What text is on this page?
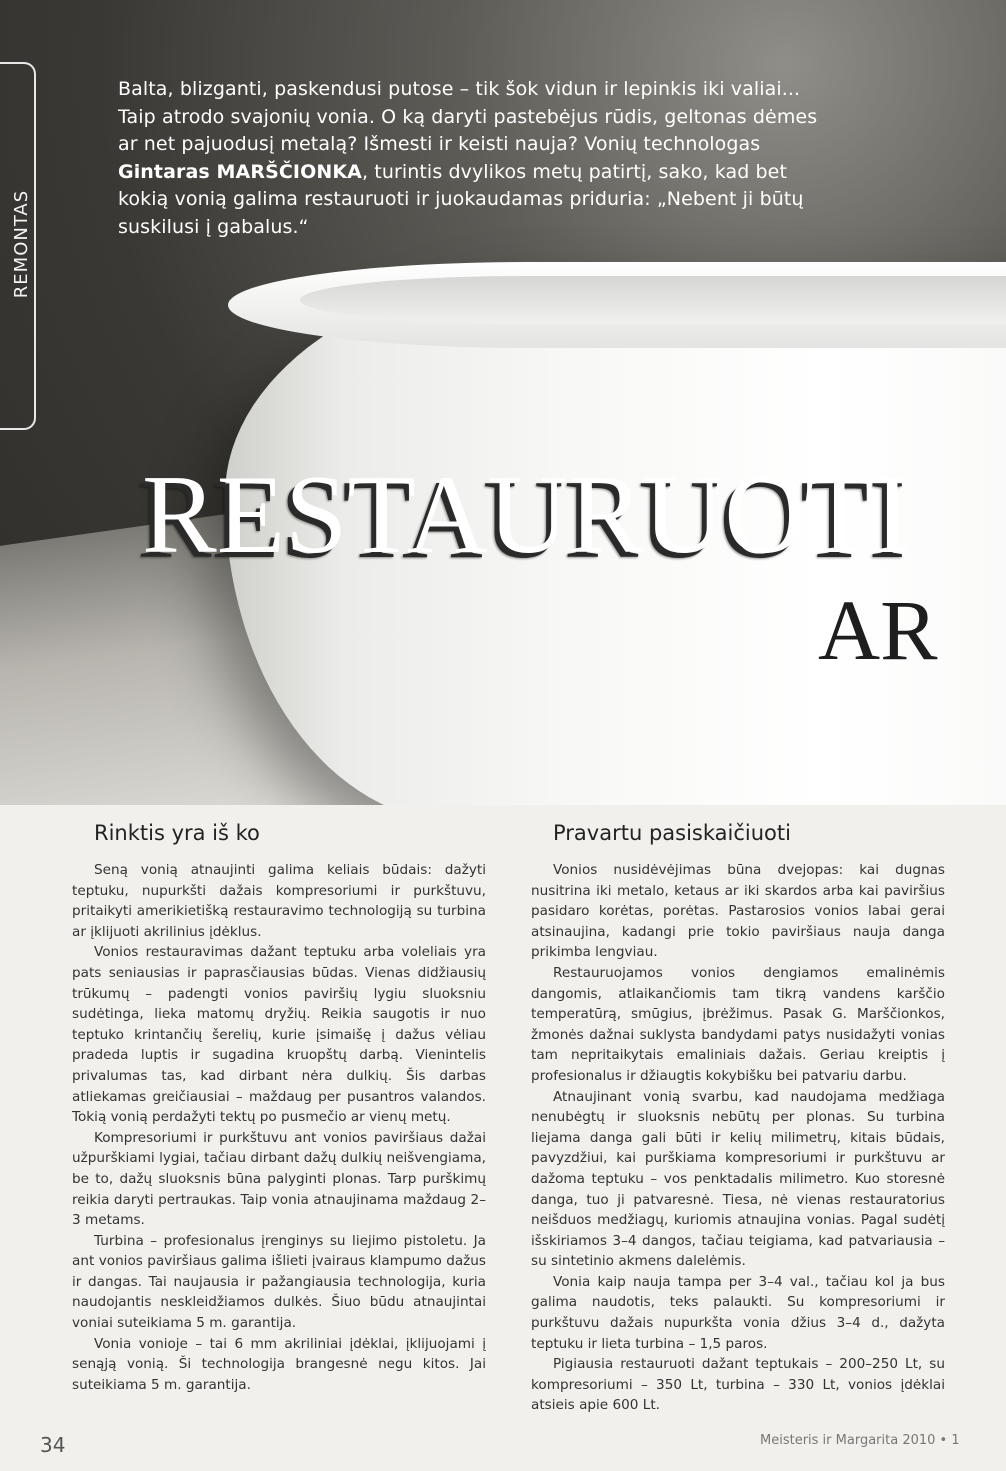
Balta, blizganti, paskendusi putose – tik šok vidun ir lepinkis iki valiai... Taip atrodo svajonių vonia. O ką daryti pastebėjus rūdis, geltonas dėmes ar net pajuodusį metalą? Išmesti ir keisti nauja? Vonių technologas Gintaras MARŠČIONKA, turintis dvylikos metų patirtį, sako, kad bet kokią vonią galima restauruoti ir juokaudamas priduria: „Nebent ji būtų suskilusi į gabalus.“

RESTAURUOTI
AR
REMONTAS
Rinktis yra iš ko

Seną vonią atnaujinti galima keliais būdais: dažyti teptuku, nupurkšti dažais kompresoriumi ir purkštuvu, pritaikyti amerikietišką restauravimo technologiją su turbina ar įklijuoti akrilinius įdėklus.

Vonios restauravimas dažant teptuku arba voleliais yra pats seniausias ir paprasčiausias būdas. Vienas didžiausių trūkumų – padengti vonios paviršių lygiu sluoksniu sudėtinga, lieka matomų dryžių. Reikia saugotis ir nuo teptuko krintančių šerelių, kurie įsimaišę į dažus vėliau pradeda luptis ir sugadina kruopštų darbą. Vienintelis privalumas tas, kad dirbant nėra dulkių. Šis darbas atliekamas greičiausiai – maždaug per pusantros valandos. Tokią vonią perdažyti tektų po pusmečio ar vienų metų.

Kompresoriumi ir purkštuvu ant vonios paviršiaus dažai užpurškiami lygiai, tačiau dirbant dažų dulkių neišvengiama, be to, dažų sluoksnis būna palyginti plonas. Tarp purškimų reikia daryti pertraukas. Taip vonia atnaujinama maždaug 2–3 metams.

Turbina – profesionalus įrenginys su liejimo pistoletu. Ja ant vonios paviršiaus galima išlieti įvairaus klampumo dažus ir dangas. Tai naujausia ir pažangiausia technologija, kuria naudojantis neskleidžiamos dulkės. Šiuo būdu atnaujintai voniai suteikiama 5 m. garantija.

Vonia vonioje – tai 6 mm akriliniai įdėklai, įklijuojami į senąją vonią. Ši technologija brangesnė negu kitos. Jai suteikiama 5 m. garantija.

Pravartu pasiskaičiuoti

Vonios nusidėvėjimas būna dvejopas: kai dugnas nusitrina iki metalo, ketaus ar iki skardos arba kai paviršius pasidaro korėtas, porėtas. Pastarosios vonios labai gerai atsinaujina, kadangi prie tokio paviršiaus nauja danga prikimba lengviau.

Restauruojamos vonios dengiamos emalinėmis dangomis, atlaikančiomis tam tikrą vandens karščio temperatūrą, smūgius, įbrėžimus. Pasak G. Marščionkos, žmonės dažnai suklysta bandydami patys nusidažyti vonias tam nepritaikytais emaliniais dažais. Geriau kreiptis į profesionalus ir džiaugtis kokybišku bei patvariu darbu.

Atnaujinant vonią svarbu, kad naudojama medžiaga nenubėgtų ir sluoksnis nebūtų per plonas. Su turbina liejama danga gali būti ir kelių milimetrų, kitais būdais, pavyzdžiui, kai purškiama kompresoriumi ir purkštuvu ar dažoma teptuku – vos penktadalis milimetro. Kuo storesnė danga, tuo ji patvaresnė. Tiesa, nė vienas restauratorius neišduos medžiagų, kuriomis atnaujina vonias. Pagal sudėtį išskiriamos 3–4 dangos, tačiau teigiama, kad patvariausia – su sintetinio akmens dalelėmis.

Vonia kaip nauja tampa per 3–4 val., tačiau kol ja bus galima naudotis, teks palaukti. Su kompresoriumi ir purkštuvu dažais nupurkšta vonia džius 3–4 d., dažyta teptuku ir lieta turbina – 1,5 paros.

Pigiausia restauruoti dažant teptukais – 200–250 Lt, su kompresoriumi – 350 Lt, turbina – 330 Lt, vonios įdėklai atsieis apie 600 Lt.

34	Meisteris ir Margarita 2010 • 1
